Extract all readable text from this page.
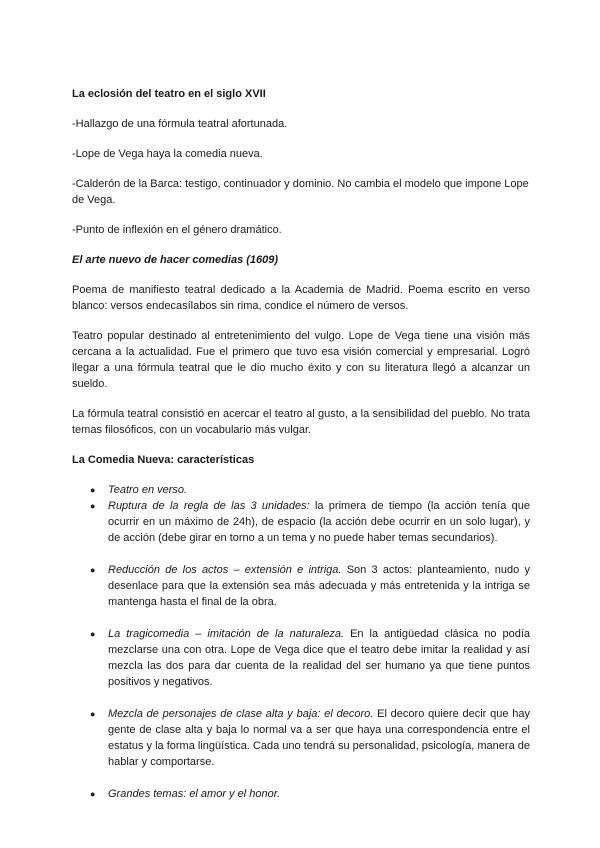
La eclosión del teatro en el siglo XVII

-Hallazgo de una fórmula teatral afortunada.

-Lope de Vega haya la comedia nueva.

-Calderón de la Barca: testigo, continuador y dominio. No cambia el modelo que impone Lope de Vega.

-Punto de inflexión en el género dramático.

El arte nuevo de hacer comedias (1609)

Poema de manifiesto teatral dedicado a la Academia de Madrid. Poema escrito en verso blanco: versos endecasílabos sin rima, condice el número de versos.

Teatro popular destinado al entretenimiento del vulgo. Lope de Vega tiene una visión más cercana a la actualidad. Fue el primero que tuvo esa visión comercial y empresarial. Logró llegar a una fórmula teatral que le dio mucho éxito y con su literatura llegó a alcanzar un sueldo.

La fórmula teatral consistió en acercar el teatro al gusto, a la sensibilidad del pueblo. No trata temas filosóficos, con un vocabulario más vulgar.

La Comedia Nueva: características

● Teatro en verso.
● Ruptura de la regla de las 3 unidades: la primera de tiempo (la acción tenía que ocurrir en un máximo de 24h), de espacio (la acción debe ocurrir en un solo lugar), y de acción (debe girar en torno a un tema y no puede haber temas secundarios).
● Reducción de los actos – extensión e intriga. Son 3 actos: planteamiento, nudo y desenlace para que la extensión sea más adecuada y más entretenida y la intriga se mantenga hasta el final de la obra.
● La tragicomedia – imitación de la naturaleza. En la antigüedad clásica no podía mezclarse una con otra. Lope de Vega dice que el teatro debe imitar la realidad y así mezcla las dos para dar cuenta de la realidad del ser humano ya que tiene puntos positivos y negativos.
● Mezcla de personajes de clase alta y baja: el decoro. El decoro quiere decir que hay gente de clase alta y baja lo normal va a ser que haya una correspondencia entre el estatus y la forma lingüística. Cada uno tendrá su personalidad, psicología, manera de hablar y comportarse.
● Grandes temas: el amor y el honor.
